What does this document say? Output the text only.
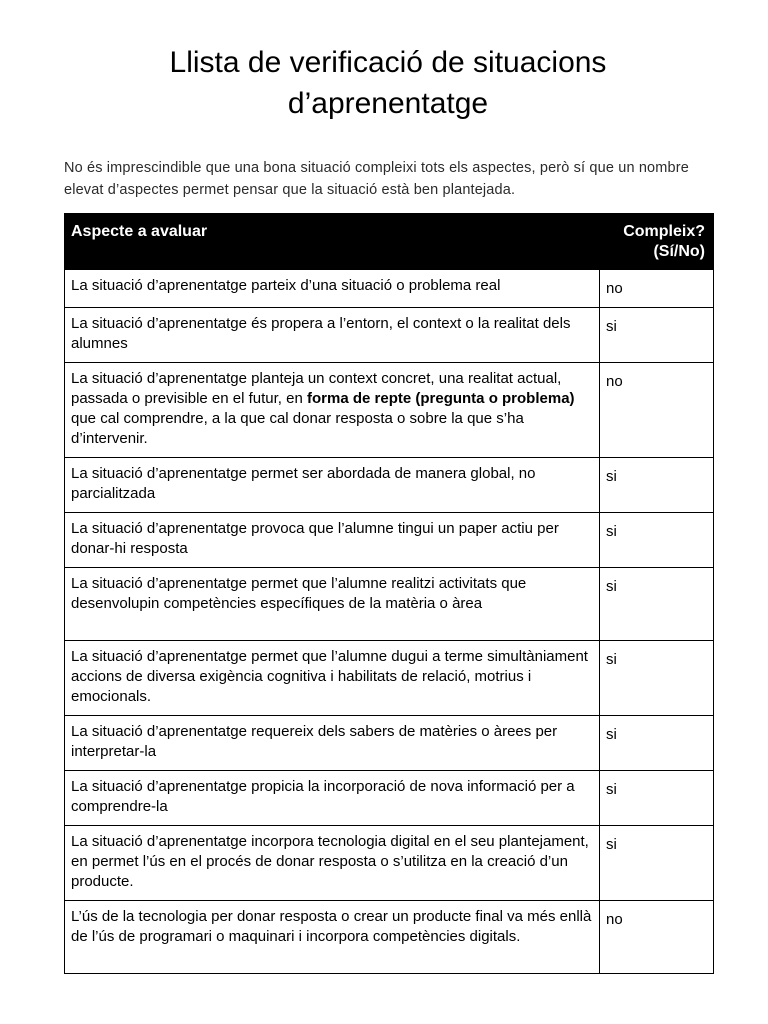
Llista de verificació de situacions
d’aprenentatge

No és imprescindible que una bona situació compleixi tots els aspectes, però sí que un nombre elevat d’aspectes permet pensar que la situació està ben plantejada.

Aspecte a avaluar	Compleix?
(Sí/No)
La situació d’aprenentatge parteix d’una situació o problema real	no
La situació d’aprenentatge és propera a l’entorn, el context o la realitat dels alumnes	si
La situació d’aprenentatge planteja un context concret, una realitat actual, passada o previsible en el futur, en forma de repte (pregunta o problema) que cal comprendre, a la que cal donar resposta o sobre la que s’ha d’intervenir.	no
La situació d’aprenentatge permet ser abordada de manera global, no parcialitzada	si
La situació d’aprenentatge provoca que l’alumne tingui un paper actiu per donar-hi resposta	si
La situació d’aprenentatge permet que l’alumne realitzi activitats que desenvolupin competències específiques de la matèria o àrea	si
La situació d’aprenentatge permet que l’alumne dugui a terme simultàniament accions de diversa exigència cognitiva i habilitats de relació, motrius i emocionals.	si
La situació d’aprenentatge requereix dels sabers de matèries o àrees per interpretar-la	si
La situació d’aprenentatge propicia la incorporació de nova informació per a comprendre-la	si
La situació d’aprenentatge incorpora tecnologia digital en el seu plantejament, en permet l’ús en el procés de donar resposta o s’utilitza en la creació d’un producte.	si
L’ús de la tecnologia per donar resposta o crear un producte final va més enllà de l’ús de programari o maquinari i incorpora competències digitals.	no
